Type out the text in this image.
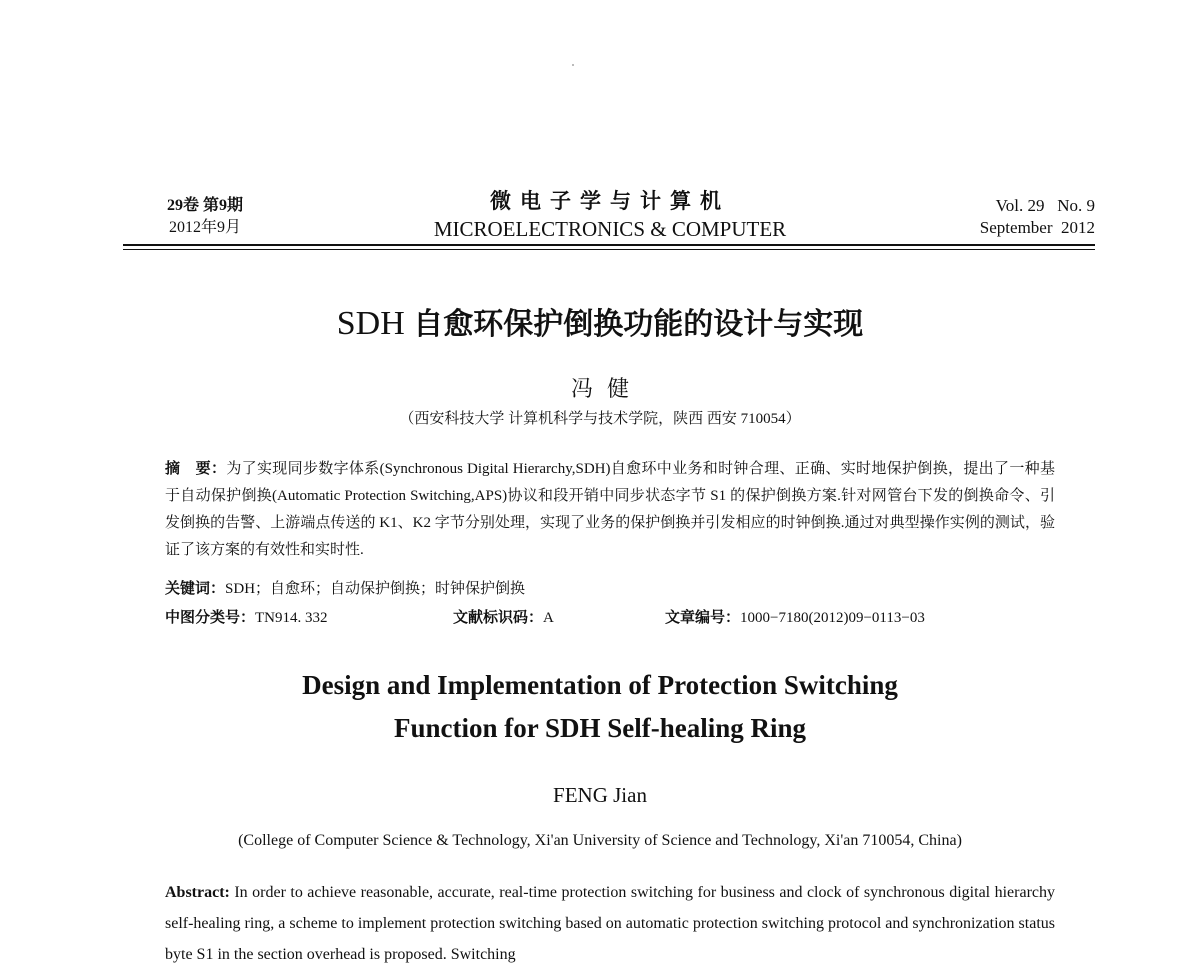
29卷 第9期
2012年9月
微电子学与计算机
MICROELECTRONICS & COMPUTER
Vol. 29   No. 9
September  2012
SDH 自愈环保护倒换功能的设计与实现
冯健
（西安科技大学 计算机科学与技术学院，陕西 西安 710054）
摘　要：为了实现同步数字体系(Synchronous Digital Hierarchy,SDH)自愈环中业务和时钟合理、正确、实时地保护倒换，提出了一种基于自动保护倒换(Automatic Protection Switching,APS)协议和段开销中同步状态字节 S1 的保护倒换方案.针对网管台下发的倒换命令、引发倒换的告警、上游端点传送的 K1、K2 字节分别处理，实现了业务的保护倒换并引发相应的时钟倒换.通过对典型操作实例的测试，验证了该方案的有效性和实时性.
关键词：SDH；自愈环；自动保护倒换；时钟保护倒换
中图分类号：TN914. 332	文献标识码：A	文章编号：1000−7180(2012)09−0113−03
Design and Implementation of Protection Switching
Function for SDH Self-healing Ring
FENG Jian
(College of Computer Science & Technology, Xi'an University of Science and Technology, Xi'an 710054, China)
Abstract: In order to achieve reasonable, accurate, real-time protection switching for business and clock of synchronous digital hierarchy self-healing ring, a scheme to implement protection switching based on automatic protection switching protocol and synchronization status byte S1 in the section overhead is proposed. Switching
